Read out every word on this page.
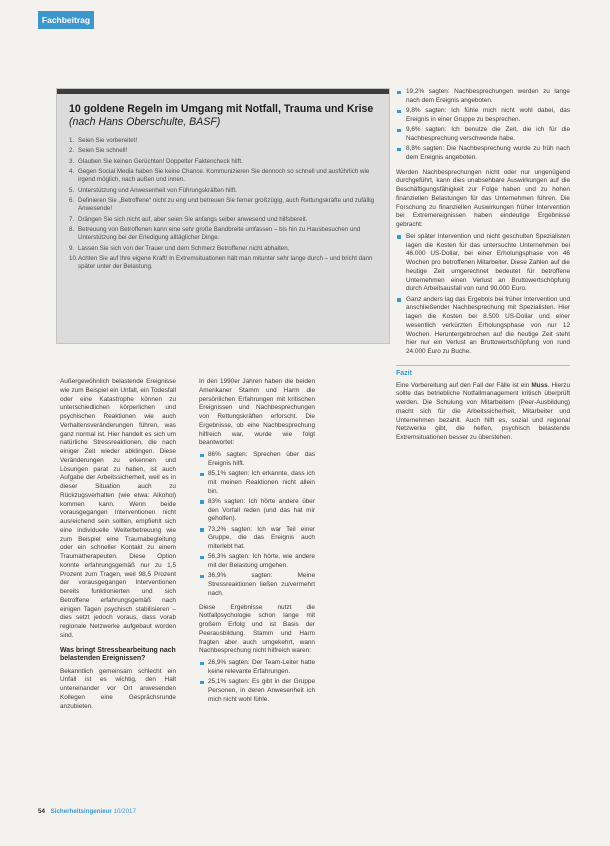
Fachbeitrag
10 goldene Regeln im Umgang mit Notfall, Trauma und Krise (nach Hans Oberschulte, BASF)
1. Seien Sie vorbereitet!
2. Seien Sie schnell!
3. Glauben Sie keinen Gerüchten! Doppelter Faktencheck hilft.
4. Gegen Social Media haben Sie keine Chance. Kommunizieren Sie dennoch so schnell und ausführlich wie irgend möglich, nach außen und innen.
5. Unterstützung und Anwesenheit von Führungskräften hilft.
6. Definieren Sie „Betroffene“ nicht zu eng und betreuen Sie ferner großzügig, auch Rettungskräfte und zufällig Anwesende!
7. Drängen Sie sich nicht auf, aber seien Sie anfangs selber anwesend und hilfsbereit.
8. Betreuung von Betroffenen kann eine sehr große Bandbreite umfassen – bis hin zu Hausbesuchen und Unterstützung bei der Erledigung alltäglicher Dinge.
9. Lassen Sie sich von der Trauer und dem Schmerz Betroffener nicht abhalten.
10. Achten Sie auf Ihre eigene Kraft! In Extremsituationen hält man mitunter sehr lange durch – und bricht dann später unter der Belastung.

Außergewöhnlich belastende Ereignisse wie zum Beispiel ein Unfall, ein Todesfall oder eine Katastrophe können zu unterschiedlichen körperlichen und psychischen Reaktionen wie auch Verhaltensveränderungen führen, was ganz normal ist. Hier handelt es sich um natürliche Stressreaktionen, die nach einiger Zeit wieder abklingen. Diese Veränderungen zu erkennen und Lösungen parat zu haben, ist auch Aufgabe der Arbeitssicherheit, weil es in dieser Situation auch zu Rückzugsverhalten (wie etwa: Alkohol) kommen kann. Wenn beide vorausgegangen Interventionen nicht ausreichend sein sollten, empfiehlt sich eine individuelle Weiterbetreuung wie zum Beispiel eine Traumabegleitung oder ein schneller Kontakt zu einem Traumatherapeuten. Diese Option konnte erfahrungsgemäß nur zu 1,5 Prozent zum Tragen, weil 98,5 Prozent der vorausgegangen Interventionen bereits funktionierten und sich Betroffene erfahrungsgemäß nach einigen Tagen psychisch stabilisieren – dies setzt jedoch voraus, dass vorab regionale Netzwerke aufgebaut worden sind.

Was bringt Stressbearbeitung nach belastenden Ereignissen?

Bekanntlich gemeinsam schlecht ein Unfall ist es wichtig, den Halt untereinander vor Ort anwesenden Kollegen eine Gesprächsrunde anzubieten.

In den 1990er Jahren haben die beiden Amerikaner Stamm und Harm die persönlichen Erfahrungen mit kritischen Ereignissen und Nachbesprechungen von Rettungskräften erforscht. Die Ergebnisse, ob eine Nachbesprechung hilfreich war, wurde wie folgt beantwortet:

86% sagten: Sprechen über das Ereignis hilft.
85,1% sagten: Ich erkannte, dass ich mit meinen Reaktionen nicht allein bin.
83% sagten: Ich hörte andere über den Vorfall reden (und das hat mir geholfen).
73,2% sagten: Ich war Teil einer Gruppe, die das Ereignis auch miterlebt hat.
56,3% sagten: Ich hörte, wie andere mit der Belastung umgehen.
36,9% sagten: Meine Stressreaktionen ließen zu/vermehrt nach.

Diese Ergebnisse nutzt die Notfallpsychologie schon lange mit großem Erfolg und ist Basis der Peerausbildung. Stamm und Harm fragten aber auch umgekehrt, wann Nachbesprechung nicht hilfreich waren:

26,9% sagten: Der Team-Leiter hatte keine relevante Erfahrungen.
25,1% sagten: Es gibt in der Gruppe Personen, in deren Anwesenheit ich mich nicht wohl fühle.
19,2% sagten: Nachbesprechungen werden zu lange nach dem Ereignis angeboten.
9,8% sagten: Ich fühle mich nicht wohl dabei, das Ereignis in einer Gruppe zu besprechen.
9,6% sagten: Ich benutze die Zeit, die ich für die Nachbesprechung verschwende habe.
8,8% sagten: Die Nachbesprechung wurde zu früh nach dem Ereignis angeboten.

Werden Nachbesprechungen nicht oder nur ungenügend durchgeführt, kann dies unabsehbare Auswirkungen auf die Beschäftigungsfähigkeit zur Folge haben und zu hohen finanziellen Belastungen für das Unternehmen führen. Die Forschung zu finanziellen Auswirkungen früher Intervention bei Extremereignissen haben eindeutige Ergebnisse gebracht:

Bei später Intervention und nicht geschulten Spezialisten lagen die Kosten für das untersuchte Unternehmen bei 46.000 US-Dollar, bei einer Erholungsphase von 46 Wochen pro betroffenen Mitarbeiter. Diese Zahlen auf die heutige Zeit umgerechnet bedeutet für betroffene Unternehmen einen Verlust an Bruttowertschöpfung durch Arbeitsausfall von rund 90.000 Euro.
Ganz anders lag das Ergebnis bei früher Intervention und anschließender Nachbesprechung mit Spezialisten. Hier lagen die Kosten bei 8.500 US-Dollar und einer wesentlich verkürzten Erholungsphase von nur 12 Wochen. Heruntergebrochen auf die heutige Zeit steht hier nur ein Verlust an Bruttowertschöpfung von rund 24.000 Euro zu Buche.
Fazit

Eine Vorbereitung auf den Fall der Fälle ist ein Muss. Hierzu sollte das betriebliche Notfallmanagement kritisch überprüft werden. Die Schulung von Mitarbeitern (Peer-Ausbildung) macht sich für die Arbeitssicherheit, Mitarbeiter und Unternehmen bezahlt. Auch hilft es, sozial und regional Netzwerke gibt, die helfen, psychisch belastende Extremsituationen besser zu überstehen.

54 Sicherheitsingenieur 10/2017
